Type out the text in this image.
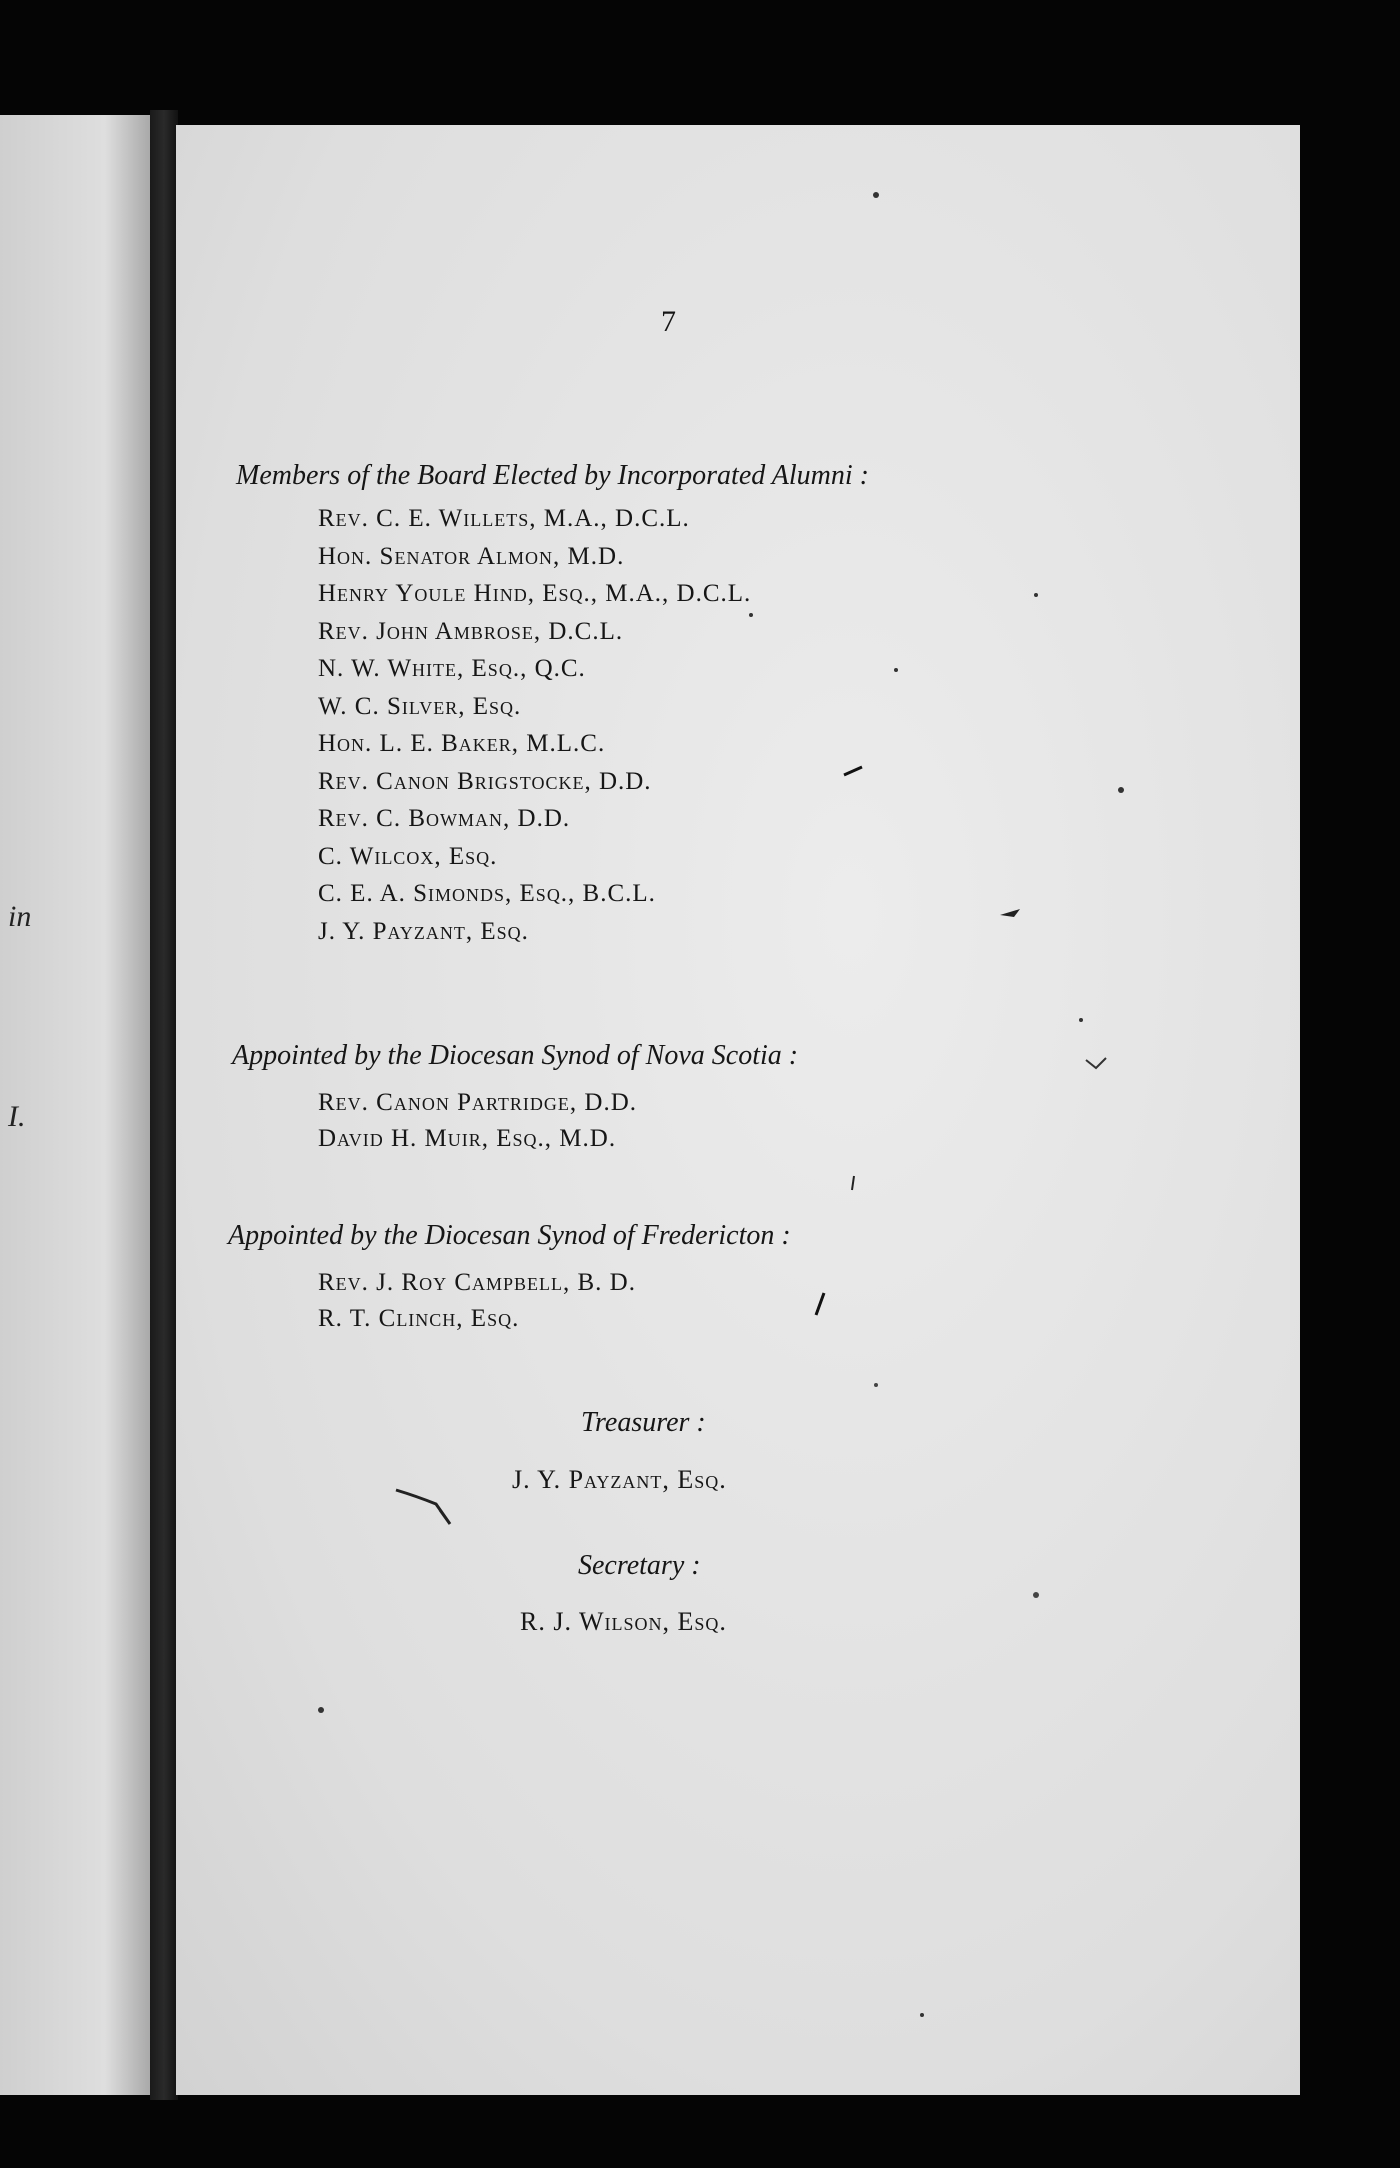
in
I.
7
Members of the Board Elected by Incorporated Alumni :
Rev. C. E. Willets, M.A., D.C.L.
Hon. Senator Almon, M.D.
Henry Youle Hind, Esq., M.A., D.C.L.
Rev. John Ambrose, D.C.L.
N. W. White, Esq., Q.C.
W. C. Silver, Esq.
Hon. L. E. Baker, M.L.C.
Rev. Canon Brigstocke, D.D.
Rev. C. Bowman, D.D.
C. Wilcox, Esq.
C. E. A. Simonds, Esq., B.C.L.
J. Y. Payzant, Esq.
Appointed by the Diocesan Synod of Nova Scotia :
Rev. Canon Partridge, D.D.
David H. Muir, Esq., M.D.
Appointed by the Diocesan Synod of Fredericton :
Rev. J. Roy Campbell, B. D.
R. T. Clinch, Esq.
Treasurer :
J. Y. Payzant, Esq.
Secretary :
R. J. Wilson, Esq.
